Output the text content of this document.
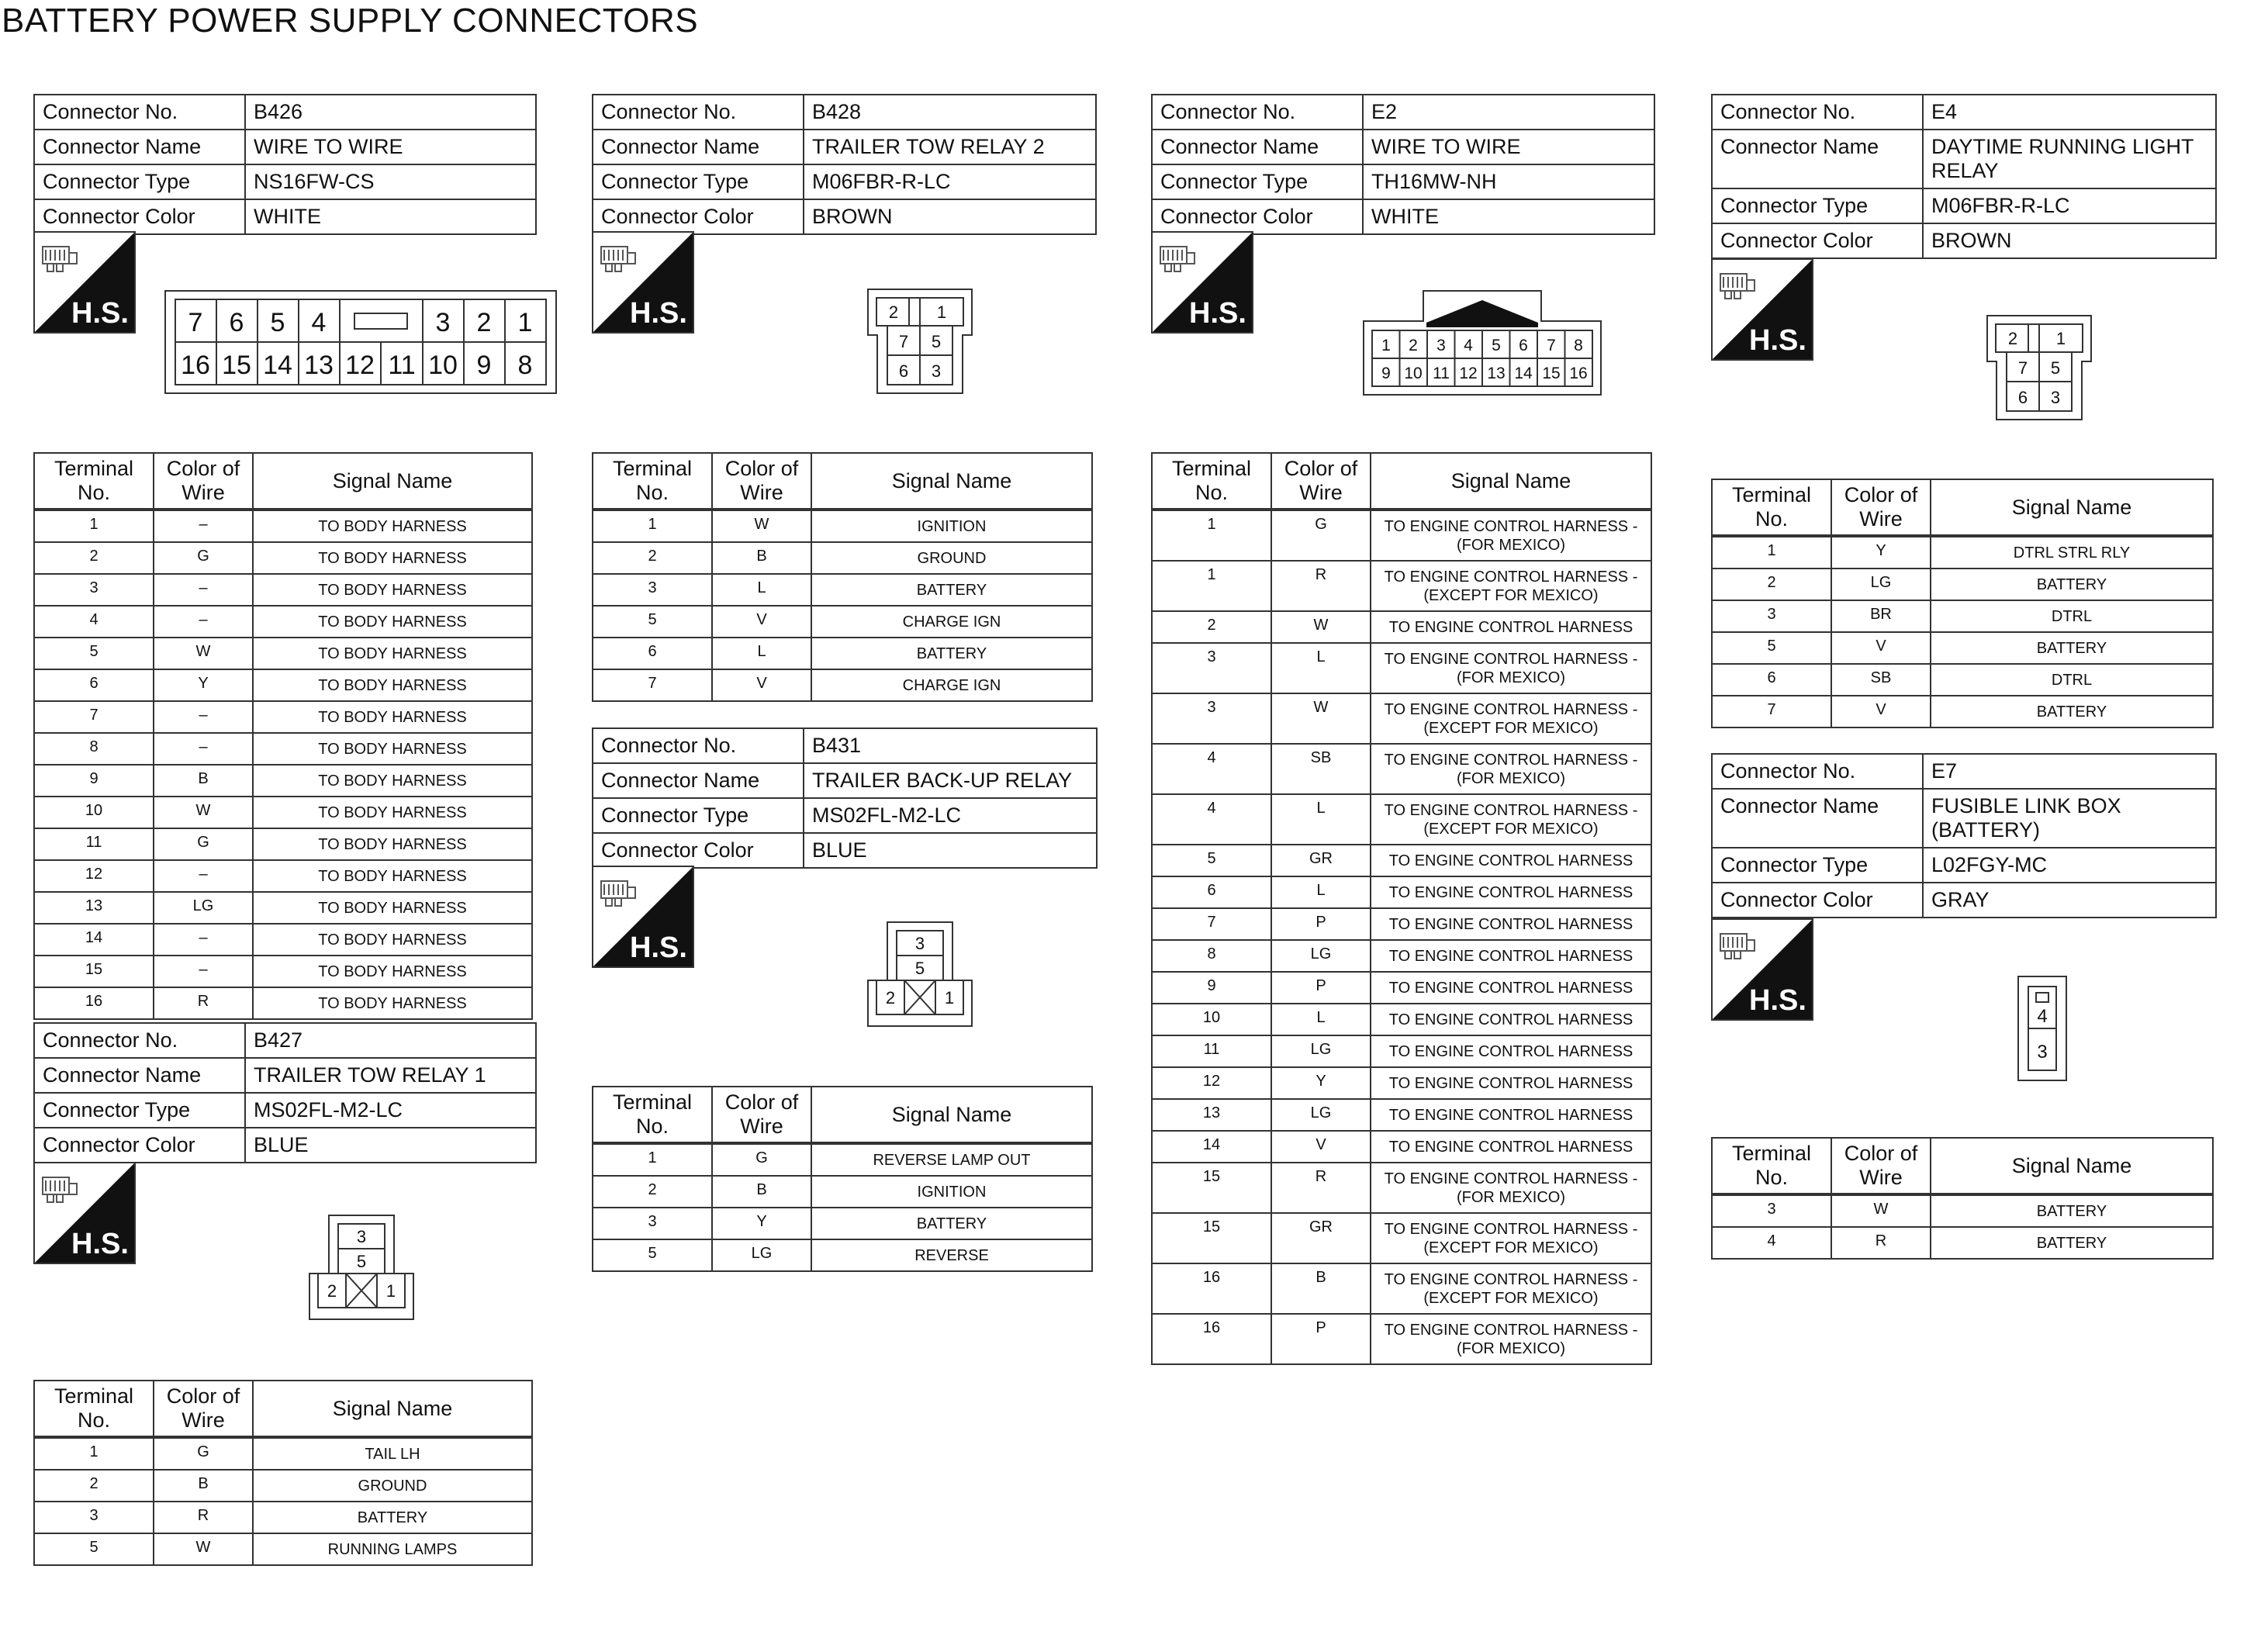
BATTERY POWER SUPPLY CONNECTORS
Connector No.	B426
Connector Name	WIRE TO WIRE
Connector Type	NS16FW-CS
Connector Color	WHITE
H.S. 7 6 5 4	3 2 1
16 15 14 13 12 11 10 9 8
Terminal No.	Color of Wire	Signal Name
1	–	TO BODY HARNESS

2	G	TO BODY HARNESS

3	–	TO BODY HARNESS

4	–	TO BODY HARNESS

5	W	TO BODY HARNESS

6	Y	TO BODY HARNESS

7	–	TO BODY HARNESS

8	–	TO BODY HARNESS

9	B	TO BODY HARNESS

10	W	TO BODY HARNESS

11	G	TO BODY HARNESS

12	–	TO BODY HARNESS

13	LG	TO BODY HARNESS

14	–	TO BODY HARNESS

15	–	TO BODY HARNESS

16	R	TO BODY HARNESS
Connector No.	B427
Connector Name	TRAILER TOW RELAY 1
Connector Type	MS02FL-M2-LC
Connector Color	BLUE
H.S.	3
5
2	1
Terminal No.	Color of Wire	Signal Name
1	G	TAIL LH

2	B	GROUND

3	R	BATTERY

5	W	RUNNING LAMPS
Connector No.	B428
Connector Name	TRAILER TOW RELAY 2
Connector Type	M06FBR-R-LC
Connector Color	BROWN
H.S.	2 1
7 5
6 3
Terminal No.	Color of Wire	Signal Name
1	W	IGNITION

2	B	GROUND

3	L	BATTERY

5	V	CHARGE IGN

6	L	BATTERY

7	V	CHARGE IGN
Connector No.	B431
Connector Name	TRAILER BACK-UP RELAY
Connector Type	MS02FL-M2-LC
Connector Color	BLUE
H.S.	3
5
2	1
Terminal No.	Color of Wire	Signal Name
1	G	REVERSE LAMP OUT

2	B	IGNITION

3	Y	BATTERY

5	LG	REVERSE
Connector No.	E2
Connector Name	WIRE TO WIRE
Connector Type	TH16MW-NH
Connector Color	WHITE
H.S.
1 2 3 4 5 6 7 8
9 10 11 12 13 14 15 16
Terminal No.	Color of Wire	Signal Name
1	G	TO ENGINE CONTROL HARNESS -
(FOR MEXICO)

1	R	TO ENGINE CONTROL HARNESS -
(EXCEPT FOR MEXICO)

2	W	TO ENGINE CONTROL HARNESS

3	L	TO ENGINE CONTROL HARNESS -
(FOR MEXICO)

3	W	TO ENGINE CONTROL HARNESS -
(EXCEPT FOR MEXICO)

4	SB	TO ENGINE CONTROL HARNESS -
(FOR MEXICO)

4	L	TO ENGINE CONTROL HARNESS -
(EXCEPT FOR MEXICO)

5	GR	TO ENGINE CONTROL HARNESS

6	L	TO ENGINE CONTROL HARNESS

7	P	TO ENGINE CONTROL HARNESS

8	LG	TO ENGINE CONTROL HARNESS

9	P	TO ENGINE CONTROL HARNESS

10	L	TO ENGINE CONTROL HARNESS

11	LG	TO ENGINE CONTROL HARNESS

12	Y	TO ENGINE CONTROL HARNESS

13	LG	TO ENGINE CONTROL HARNESS

14	V	TO ENGINE CONTROL HARNESS

15	R	TO ENGINE CONTROL HARNESS -
(FOR MEXICO)

15	GR	TO ENGINE CONTROL HARNESS -
(EXCEPT FOR MEXICO)

16	B	TO ENGINE CONTROL HARNESS -
(EXCEPT FOR MEXICO)

16	P	TO ENGINE CONTROL HARNESS -
(FOR MEXICO)
Connector No.	E4
Connector Name	DAYTIME RUNNING LIGHT RELAY
Connector Type	M06FBR-R-LC
Connector Color	BROWN
H.S.	2 1
7 5
6 3
Terminal No.	Color of Wire	Signal Name
1	Y	DTRL STRL RLY

2	LG	BATTERY

3	BR	DTRL

5	V	BATTERY

6	SB	DTRL

7	V	BATTERY
Connector No.	E7
Connector Name	FUSIBLE LINK BOX (BATTERY)
Connector Type	L02FGY-MC
Connector Color	GRAY
H.S.	4
3
Terminal No.	Color of Wire	Signal Name
3	W	BATTERY

4	R	BATTERY
